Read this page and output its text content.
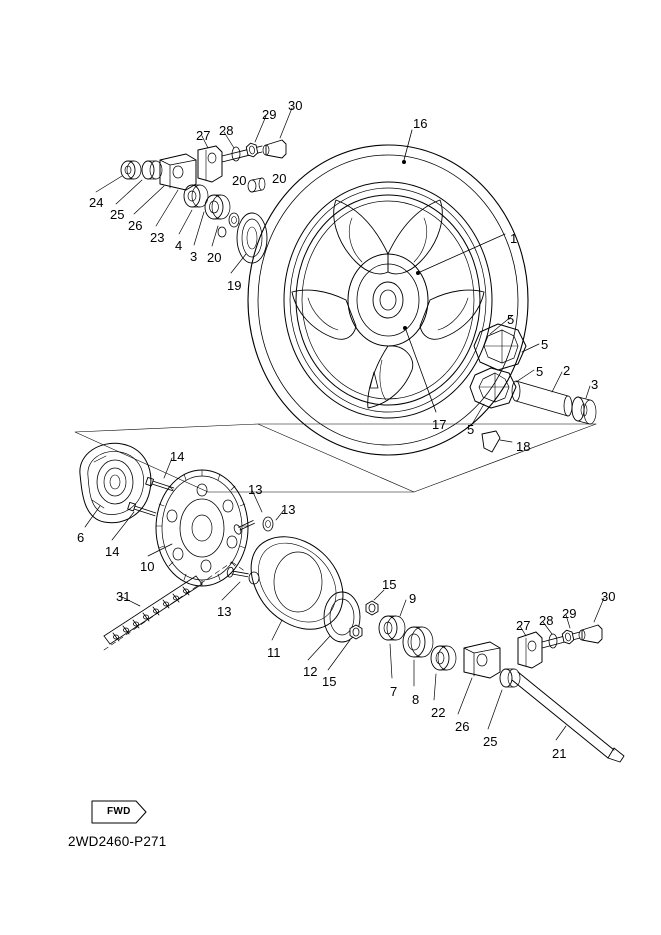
30
29
28
27
16
20
20
24
25
26
23
4
3 20
19
1
5
5
5 2
3
17 5
18
14
6
14
10
13
13
13
31
11
12
15
15
9
7
8
22
26
25
27 28 29
30
21
FWD
2WD2460-P271
